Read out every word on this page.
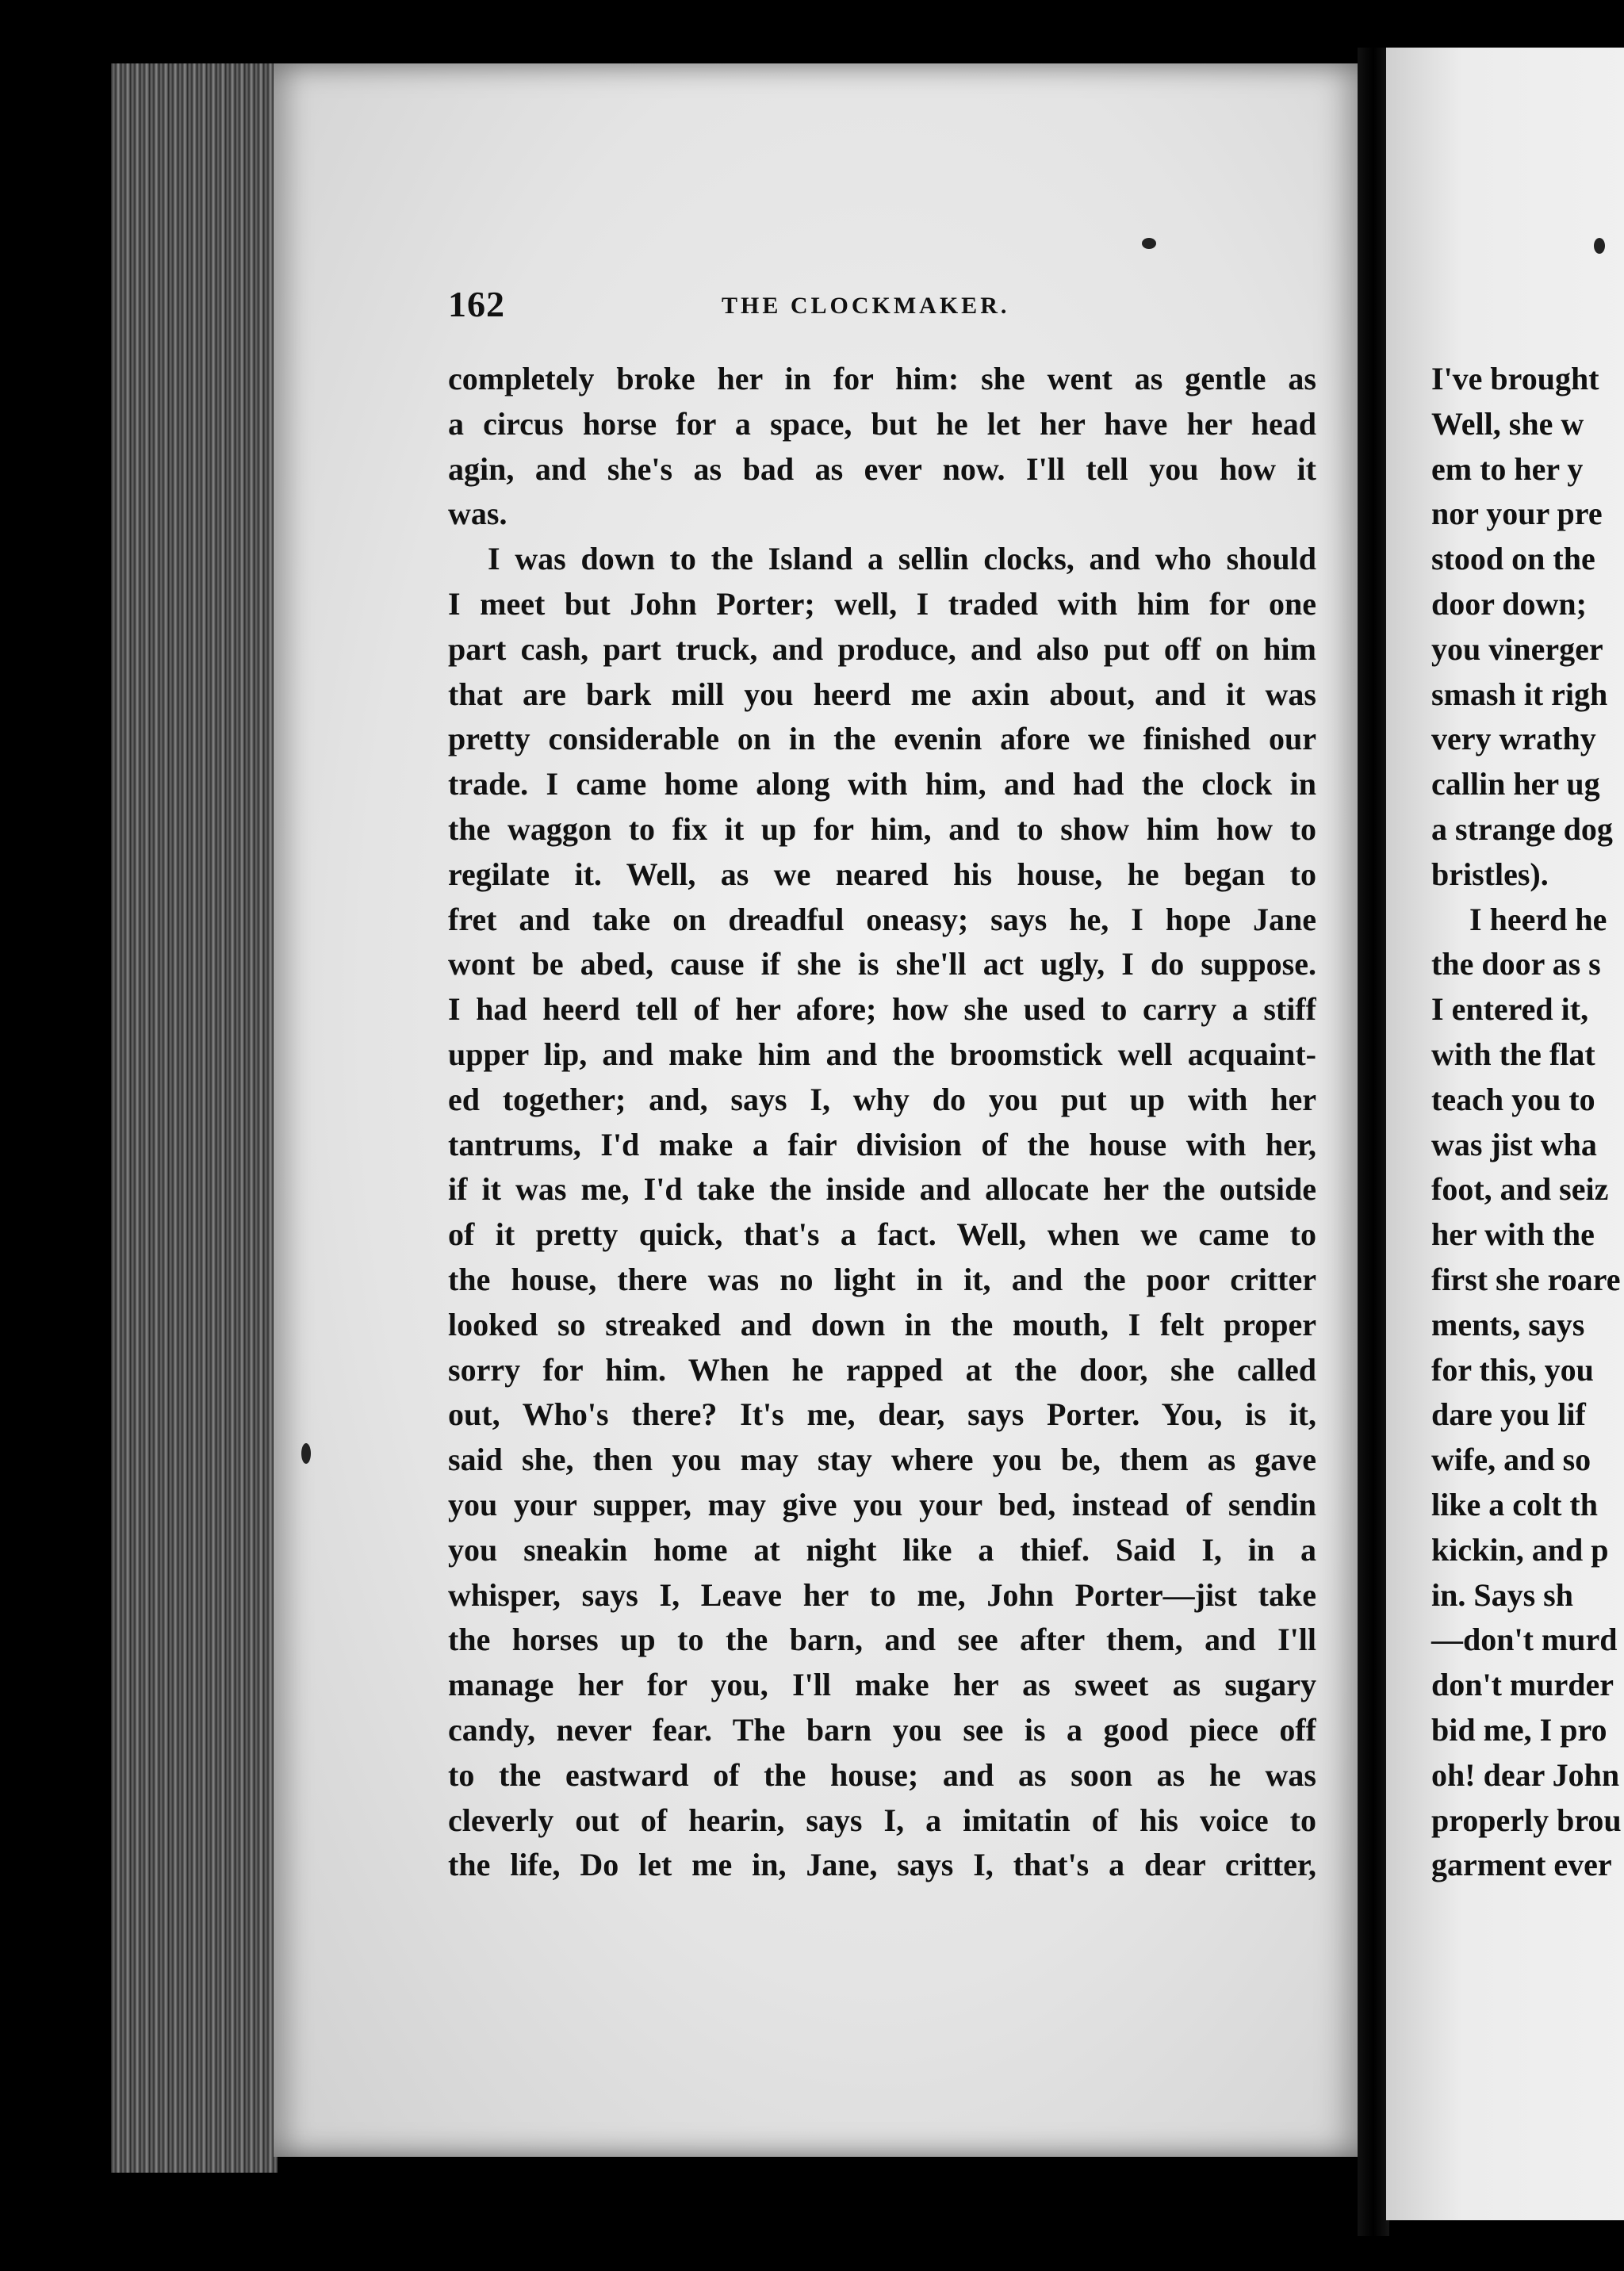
162	THE CLOCKMAKER.
completely broke her in for him: she went as gentle as
a circus horse for a space, but he let her have her head
agin, and she's as bad as ever now. I'll tell you how it
was.
I was down to the Island a sellin clocks, and who should
I meet but John Porter; well, I traded with him for one
part cash, part truck, and produce, and also put off on him
that are bark mill you heerd me axin about, and it was
pretty considerable on in the evenin afore we finished our
trade. I came home along with him, and had the clock in
the waggon to fix it up for him, and to show him how to
regilate it. Well, as we neared his house, he began to
fret and take on dreadful oneasy; says he, I hope Jane
wont be abed, cause if she is she'll act ugly, I do suppose.
I had heerd tell of her afore; how she used to carry a stiff
upper lip, and make him and the broomstick well acquaint-
ed together; and, says I, why do you put up with her
tantrums, I'd make a fair division of the house with her,
if it was me, I'd take the inside and allocate her the outside
of it pretty quick, that's a fact. Well, when we came to
the house, there was no light in it, and the poor critter
looked so streaked and down in the mouth, I felt proper
sorry for him. When he rapped at the door, she called
out, Who's there? It's me, dear, says Porter. You, is it,
said she, then you may stay where you be, them as gave
you your supper, may give you your bed, instead of sendin
you sneakin home at night like a thief. Said I, in a
whisper, says I, Leave her to me, John Porter—jist take
the horses up to the barn, and see after them, and I'll
manage her for you, I'll make her as sweet as sugary
candy, never fear. The barn you see is a good piece off
to the eastward of the house; and as soon as he was
cleverly out of hearin, says I, a imitatin of his voice to
the life, Do let me in, Jane, says I, that's a dear critter,
I've brought
Well, she w
em to her y
nor your pre
stood on the
door down;
you vinerger
smash it righ
very wrathy
callin her ug
a strange dog
bristles).
I heerd he
the door as s
I entered it,
with the flat
teach you to
was jist wha
foot, and seiz
her with the
first she roare
ments, says
for this, you
dare you lif
wife, and so
like a colt th
kickin, and p
in. Says sh
—don't murd
don't murder
bid me, I pro
oh! dear John
properly brou
garment ever
